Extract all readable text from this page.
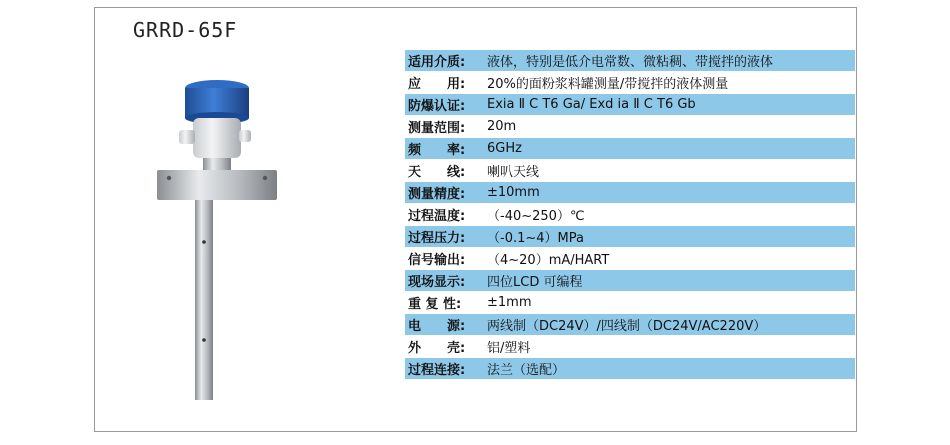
GRRD-65F
适用介质:	液体，特别是低介电常数、微粘稠、带搅拌的液体
应　　用:	20%的面粉浆料罐测量/带搅拌的液体测量
防爆认证:	Exia Ⅱ C T6 Ga/ Exd ia Ⅱ C T6 Gb
测量范围:	20m
频　　率:	6GHz
天　　线:	喇叭天线
测量精度:	±10mm
过程温度:	（-40~250）℃
过程压力:	（-0.1~4）MPa
信号输出:	（4~20）mA/HART
现场显示:	四位LCD 可编程
重 复 性:	±1mm
电　　源:	两线制（DC24V）/四线制（DC24V/AC220V）
外　　壳:	铝/塑料
过程连接:	法兰（选配）
